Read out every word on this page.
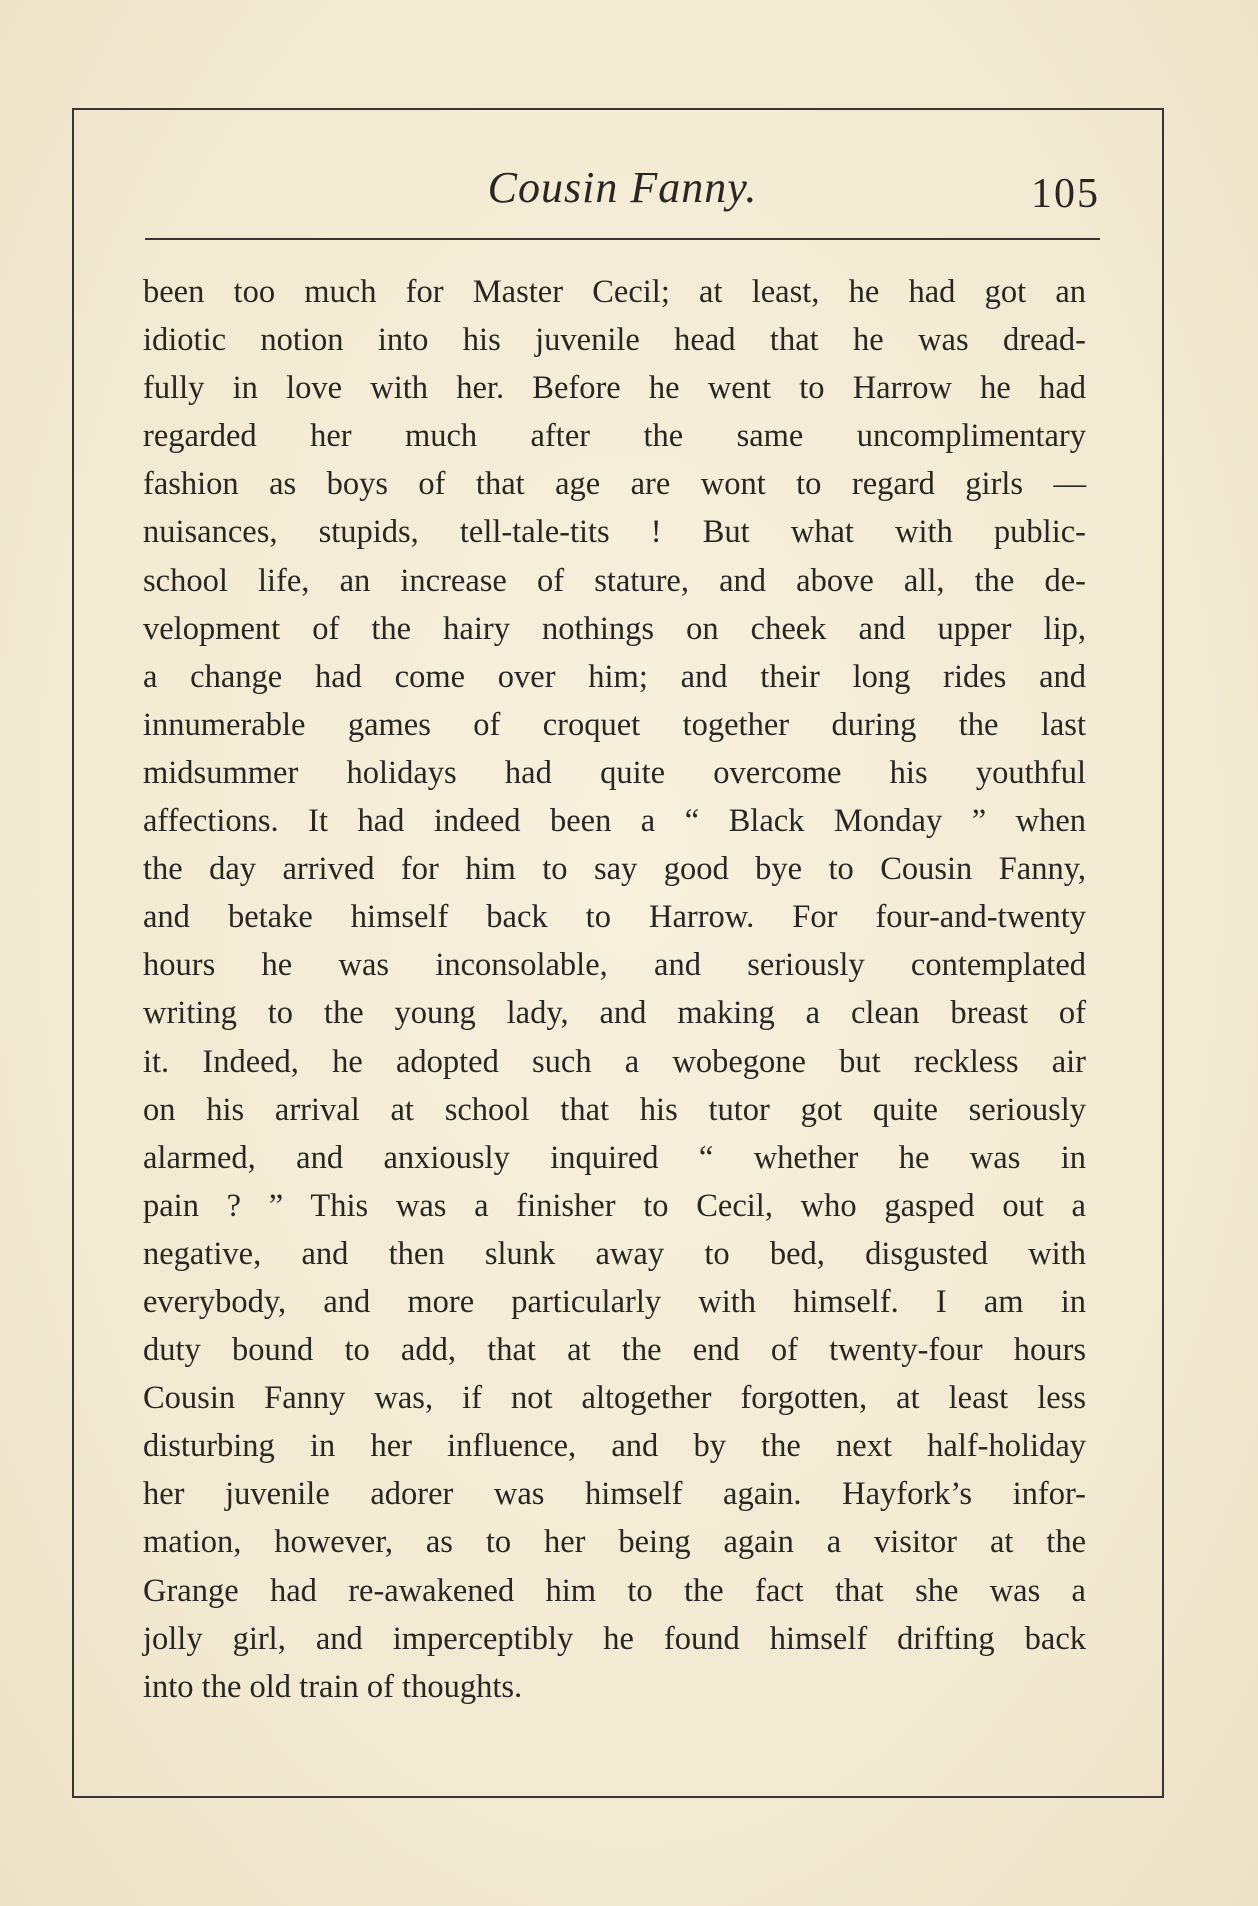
Cousin Fanny.	105
been too much for Master Cecil; at least, he had got an
idiotic notion into his juvenile head that he was dread-
fully in love with her. Before he went to Harrow he had
regarded her much after the same uncomplimentary
fashion as boys of that age are wont to regard girls —
nuisances, stupids, tell-tale-tits ! But what with public-
school life, an increase of stature, and above all, the de-
velopment of the hairy nothings on cheek and upper lip,
a change had come over him; and their long rides and
innumerable games of croquet together during the last
midsummer holidays had quite overcome his youthful
affections. It had indeed been a “ Black Monday ” when
the day arrived for him to say good bye to Cousin Fanny,
and betake himself back to Harrow. For four-and-twenty
hours he was inconsolable, and seriously contemplated
writing to the young lady, and making a clean breast of
it. Indeed, he adopted such a wobegone but reckless air
on his arrival at school that his tutor got quite seriously
alarmed, and anxiously inquired “ whether he was in
pain ? ” This was a finisher to Cecil, who gasped out a
negative, and then slunk away to bed, disgusted with
everybody, and more particularly with himself. I am in
duty bound to add, that at the end of twenty-four hours
Cousin Fanny was, if not altogether forgotten, at least less
disturbing in her influence, and by the next half-holiday
her juvenile adorer was himself again. Hayfork’s infor-
mation, however, as to her being again a visitor at the
Grange had re-awakened him to the fact that she was a
jolly girl, and imperceptibly he found himself drifting back
into the old train of thoughts.
